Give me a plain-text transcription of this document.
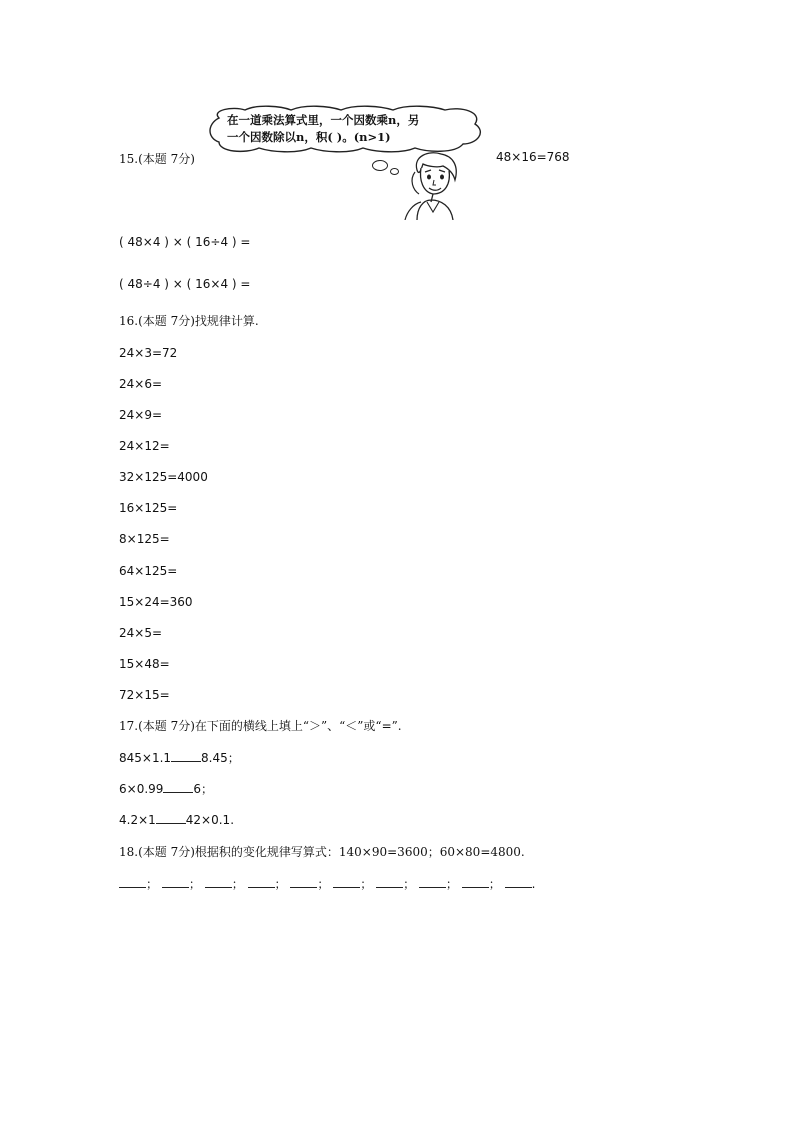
15.(本题 7分)	48×16=768
在一道乘法算式里，一个因数乘n，另
一个因数除以n，积( )。(n>1)
( 48×4 ) × ( 16÷4 ) =
( 48÷4 ) × ( 16×4 ) =
16.(本题 7分)找规律计算.
24×3=72
24×6=
24×9=
24×12=
32×125=4000
16×125=
8×125=
64×125=
15×24=360
24×5=
15×48=
72×15=
17.(本题 7分)在下面的横线上填上“＞”、“＜”或“=”.
845×1.1	8.45；
6×0.99	6；
4.2×1	42×0.1.
18.(本题 7分)根据积的变化规律写算式：140×90=3600；60×80=4800.
；	；	；	；	；	；	；	；	；	.
